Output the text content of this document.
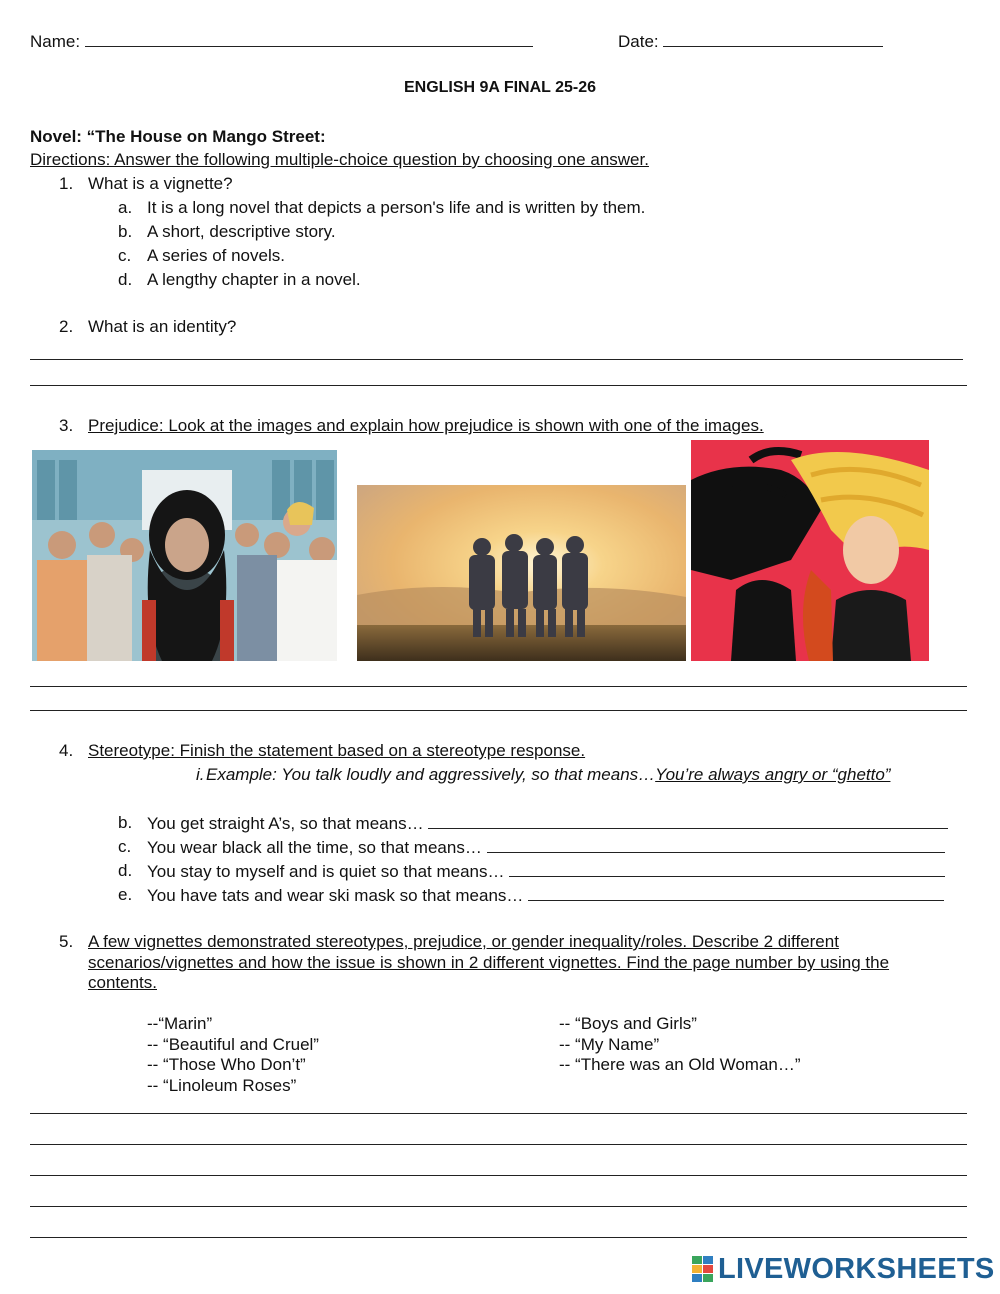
Name:	Date:
ENGLISH 9A FINAL 25-26
Novel: “The House on Mango Street:
Directions: Answer the following multiple-choice question by choosing one answer.
1. What is a vignette?
a. It is a long novel that depicts a person's life and is written by them.
b. A short, descriptive story.
c. A series of novels.
d. A lengthy chapter in a novel.
2. What is an identity?
3. Prejudice: Look at the images and explain how prejudice is shown with one of the images.
4. Stereotype: Finish the statement based on a stereotype response.
i. Example: You talk loudly and aggressively, so that means…You’re always angry or “ghetto”
b. You get straight A’s, so that means…
c. You wear black all the time, so that means…
d. You stay to myself and is quiet so that means…
e. You have tats and wear ski mask so that means…
5. A few vignettes demonstrated stereotypes, prejudice, or gender inequality/roles. Describe 2 different
scenarios/vignettes and how the issue is shown in 2 different vignettes. Find the page number by using the
contents.
--“Marin”
-- “Beautiful and Cruel”
-- “Those Who Don’t”
-- “Linoleum Roses”
-- “Boys and Girls”
-- “My Name”
-- “There was an Old Woman…”
LIVEWORKSHEETS
